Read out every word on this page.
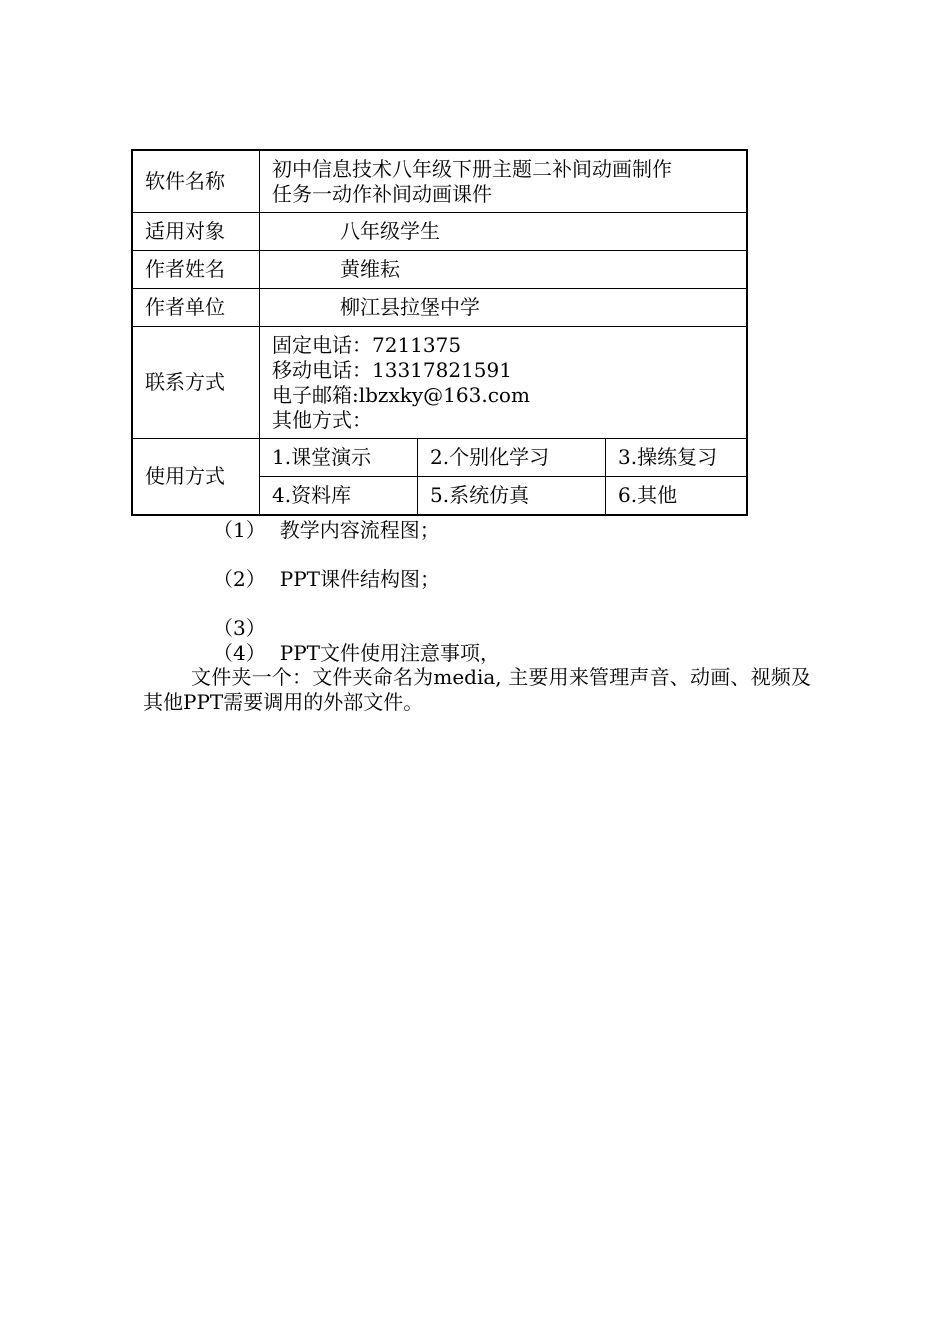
软件名称	初中信息技术八年级下册主题二补间动画制作
任务一动作补间动画课件		

适用对象	八年级学生		
作者姓名	黄维耘		
作者单位	柳江县拉堡中学		
联系方式	固定电话：7211375
移动电话：13317821591
电子邮箱:lbzxky@163.com
其他方式：		

使用方式	1.课堂演示	2.个别化学习	3.操练复习
	4.资料库	5.系统仿真	6.其他
（1） 教学内容流程图；
（2） PPT课件结构图；
（3）
（4） PPT文件使用注意事项，
文件夹一个：文件夹命名为media, 主要用来管理声音、动画、视频及其他PPT需要调用的外部文件。
